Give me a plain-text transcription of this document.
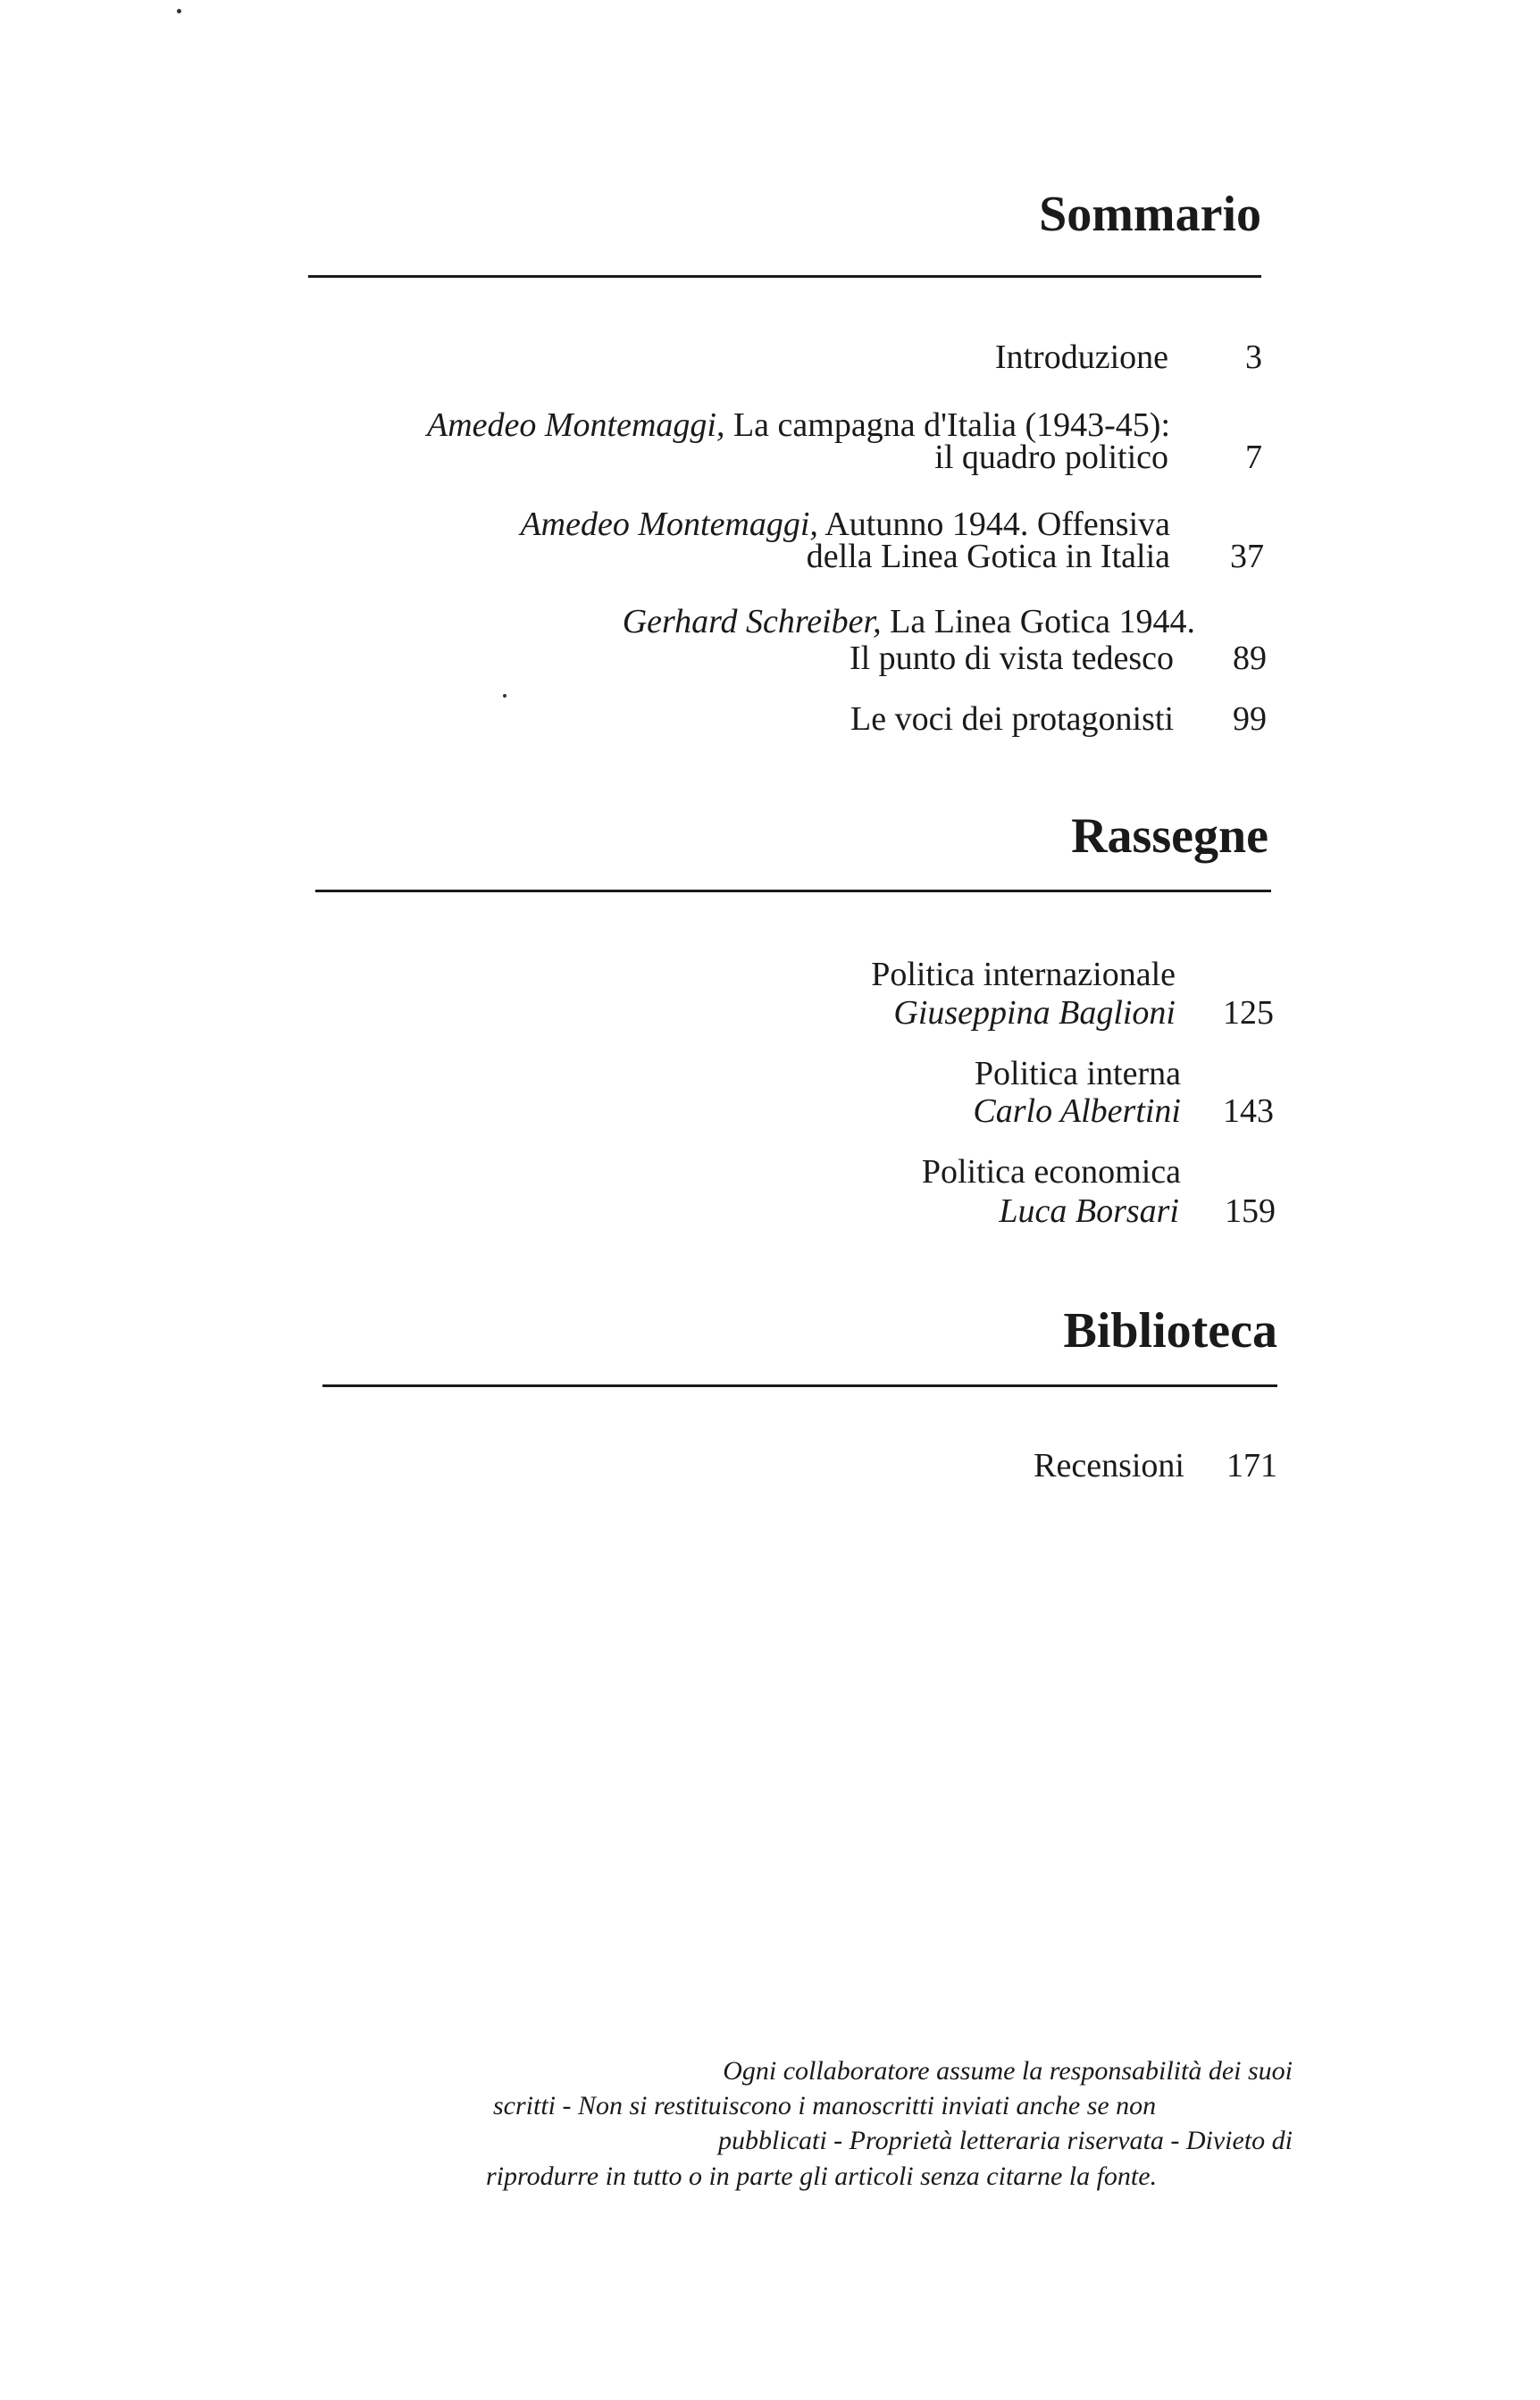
Sommario
Introduzione	3
Amedeo Montemaggi, La campagna d'Italia (1943-45):
il quadro politico	7
Amedeo Montemaggi, Autunno 1944. Offensiva
della Linea Gotica in Italia	37
Gerhard Schreiber, La Linea Gotica 1944.
Il punto di vista tedesco	89
Le voci dei protagonisti	99
Rassegne
Politica internazionale
Giuseppina Baglioni	125
Politica interna
Carlo Albertini	143
Politica economica
Luca Borsari	159
Biblioteca
Recensioni	171
Ogni collaboratore assume la responsabilità dei suoi
scritti - Non si restituiscono i manoscritti inviati anche se non
pubblicati - Proprietà letteraria riservata - Divieto di
riprodurre in tutto o in parte gli articoli senza citarne la fonte.
